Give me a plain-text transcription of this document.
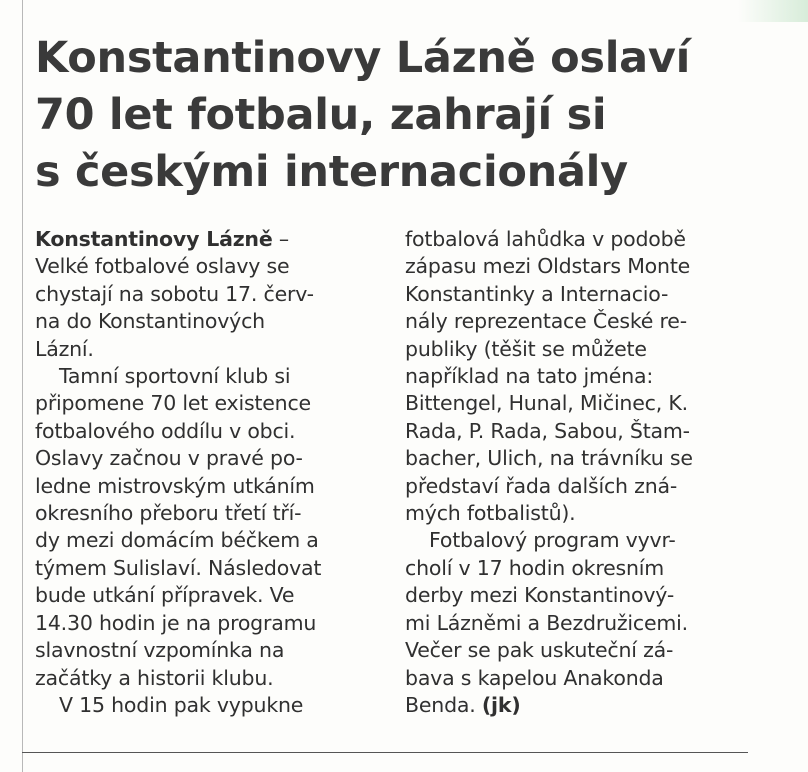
Konstantinovy Lázně oslaví
70 let fotbalu, zahrají si
s českými internacionály
Konstantinovy Lázně –
Velké fotbalové oslavy se
chystají na sobotu 17. červ-
na do Konstantinových
Lázní.
Tamní sportovní klub si
připomene 70 let existence
fotbalového oddílu v obci.
Oslavy začnou v pravé po-
ledne mistrovským utkáním
okresního přeboru třetí tří-
dy mezi domácím béčkem a
týmem Sulislaví. Následovat
bude utkání přípravek. Ve
14.30 hodin je na programu
slavnostní vzpomínka na
začátky a historii klubu.
V 15 hodin pak vypukne
fotbalová lahůdka v podobě
zápasu mezi Oldstars Monte
Konstantinky a Internacio-
nály reprezentace České re-
publiky (těšit se můžete
například na tato jména:
Bittengel, Hunal, Mičinec, K.
Rada, P. Rada, Sabou, Štam-
bacher, Ulich, na trávníku se
představí řada dalších zná-
mých fotbalistů).
Fotbalový program vyvr-
cholí v 17 hodin okresním
derby mezi Konstantinový-
mi Lázněmi a Bezdružicemi.
Večer se pak uskuteční zá-
bava s kapelou Anakonda
Benda. (jk)
